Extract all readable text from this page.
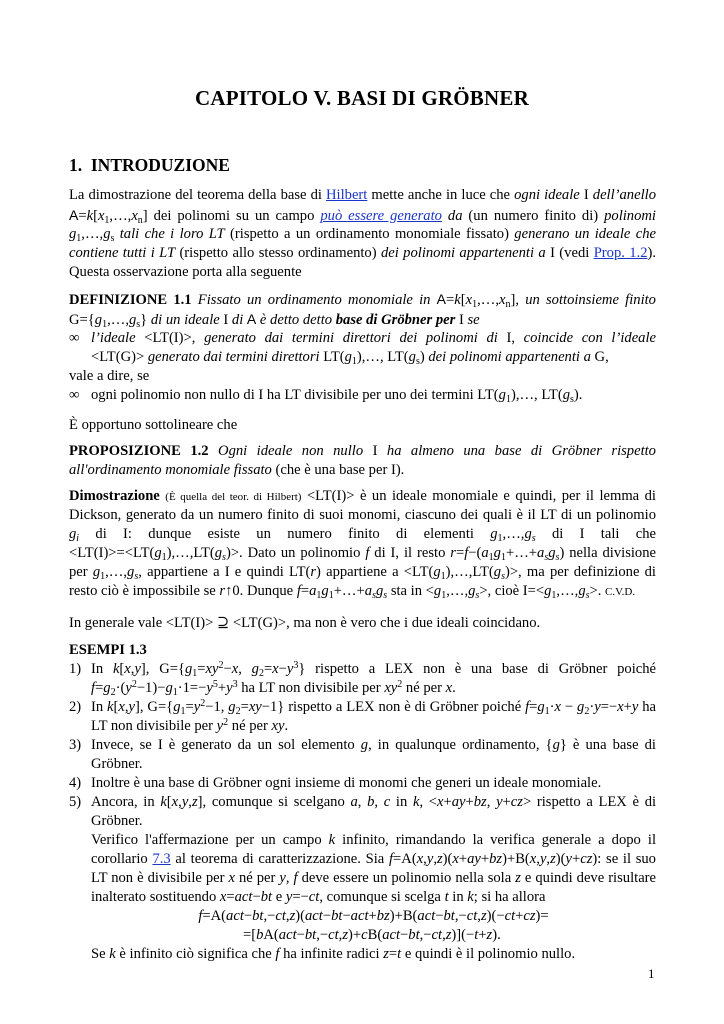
CAPITOLO V. BASI DI GRÖBNER
1. INTRODUZIONE
La dimostrazione del teorema della base di Hilbert mette anche in luce che ogni ideale I dell’anello
$A=k[x_1,\dots,x_n]$ dei polinomi su un campo può essere generato da (un numero finito di) polinomi
$g_1,\dots,g_s$ tali che i loro LT (rispetto a un ordinamento monomiale fissato) generano un ideale che
contiene tutti i LT (rispetto allo stesso ordinamento) dei polinomi appartenenti a I (vedi Prop. 1.2).
Questa osservazione porta alla seguente
DEFINIZIONE 1.1 Fissato un ordinamento monomiale in $A=k[x_1,\dots,x_n]$, un sottoinsieme finito
$G=\{g_1,\dots,g_s\}$ di un ideale I di A è detto detto base di Gröbner per I se
∞ l’ideale <LT(I)>, generato dai termini direttori dei polinomi di I, coincide con l’ideale
<LT(G)> generato dai termini direttori $LT(g_1),\dots$, $LT(g_s)$ dei polinomi appartenenti a G,
vale a dire, se
∞ ogni polinomio non nullo di I ha LT divisibile per uno dei termini $LT(g_1),\dots$, $LT(g_s)$.
È opportuno sottolineare che
PROPOSIZIONE 1.2 Ogni ideale non nullo I ha almeno una base di Gröbner rispetto
all'ordinamento monomiale fissato (che è una base per I).
Dimostrazione (È quella del teor. di Hilbert) <LT(I)> è un ideale monomiale e quindi, per il lemma di
Dickson, generato da un numero finito di suoi monomi, ciascuno dei quali è il LT di un polinomio
$g_i$ di I: dunque esiste un numero finito di elementi $g_1,\dots,g_s$ di I tali che
$<LT(I)>=<LT(g_1),\dots,LT(g_s)>$. Dato un polinomio f di I, il resto $r=f-(a_1g_1+\dots+a_sg_s)$ nella divisione
per $g_1,\dots,g_s$, appartiene a I e quindi LT(r) appartiene $a <LT(g_1),\dots,LT(g_s)>$, ma per definizione di
resto ciò è impossibile se r↑0. Dunque $f=a_1g_1+\dots+a_sg_s$ sta in $<g_1,\dots,g_s>$, cioè $I=<g_1,\dots,g_s>$. C.V.D.
In generale vale <LT(I)> ⊇ <LT(G)>, ma non è vero che i due ideali coincidano.
ESEMPI 1.3
1) In k[x,y], $G=\{g_1=xy^2-x$, $g_2=x-y^3$} rispetto a LEX non è una base di Gröbner poiché
$f=g_2\cdot(y^2-1)-g_1\cdot 1=-y^5+y^3$ ha LT non divisibile per $xy^2$ né per x.
2) In k[x,y], $G=\{g_1=y^2-1$, $g_2=xy-1$} rispetto a LEX non è di Gröbner poiché $f=g_1\cdot x - g_2\cdot y=-x+y$ ha
LT non divisibile per $y^2$ né per xy.
3) Invece, se I è generato da un sol elemento g, in qualunque ordinamento, {g} è una base di
Gröbner.
4) Inoltre è una base di Gröbner ogni insieme di monomi che generi un ideale monomiale.
5) Ancora, in k[x,y,z], comunque si scelgano a, b, c in k, <x+ay+bz, y+cz> rispetto a LEX è di
Gröbner.
Verifico l'affermazione per un campo k infinito, rimandando la verifica generale a dopo il
corollario 7.3 al teorema di caratterizzazione. Sia f=A(x,y,z)(x+ay+bz)+B(x,y,z)(y+cz): se il suo
LT non è divisibile per x né per y, f deve essere un polinomio nella sola z e quindi deve risultare
inalterato sostituendo x=act−bt e y=−ct, comunque si scelga t in k; si ha allora
f=A(act−bt,−ct,z)(act−bt−act+bz)+B(act−bt,−ct,z)(−ct+cz)=
=[bA(act−bt,−ct,z)+cB(act−bt,−ct,z)](−t+z).
Se k è infinito ciò significa che f ha infinite radici z=t e quindi è il polinomio nullo.
1
